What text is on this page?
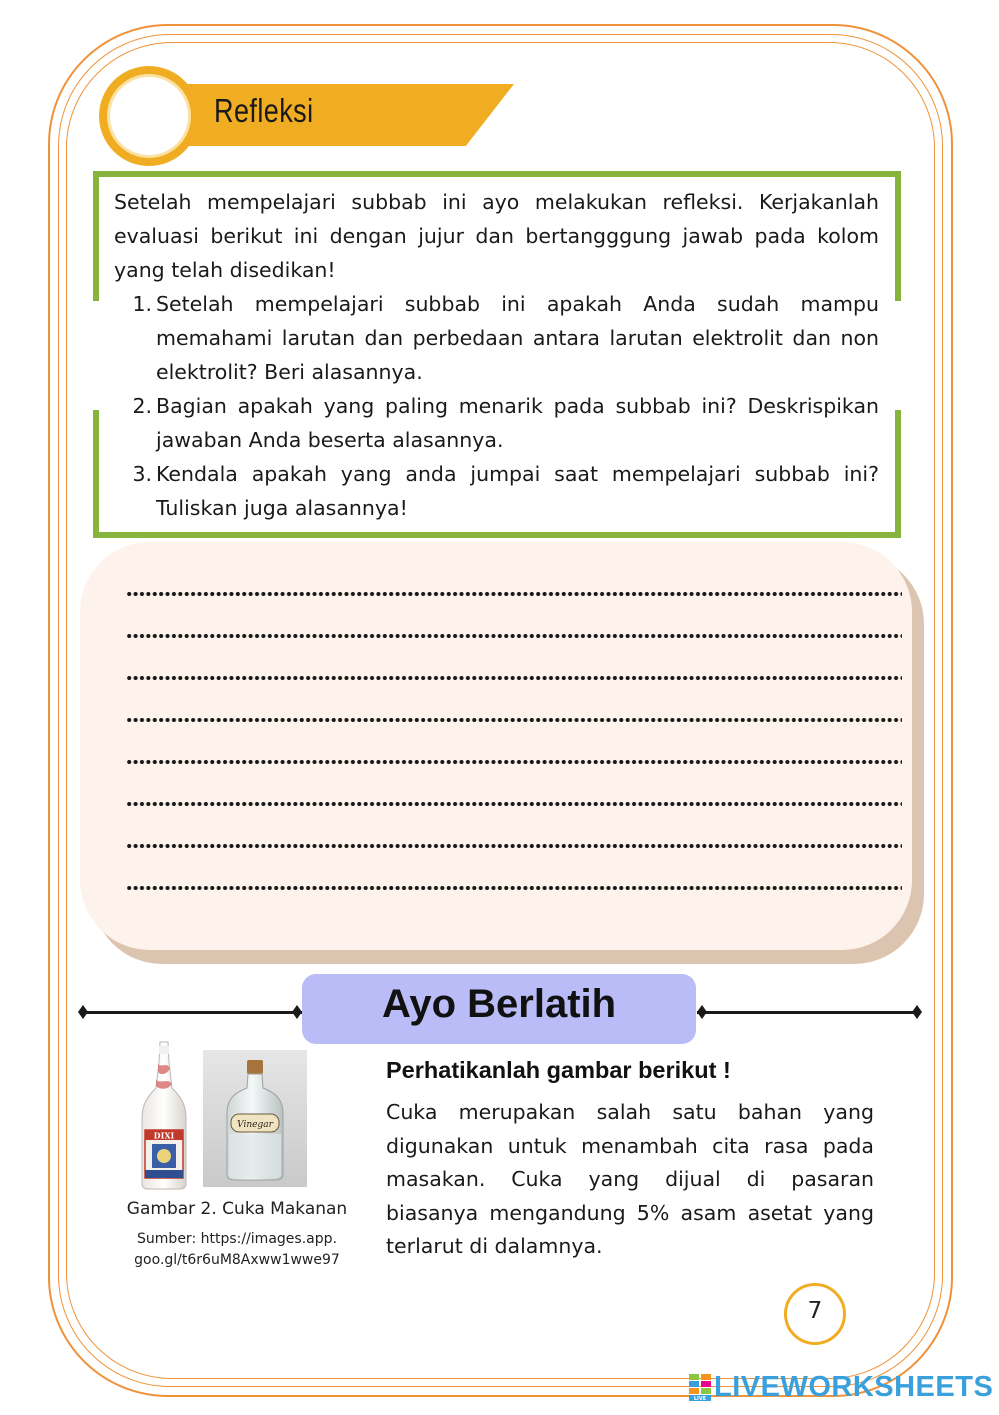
Refleksi

Setelah mempelajari subbab ini ayo melakukan refleksi. Kerjakanlah evaluasi berikut ini dengan jujur dan bertangggung jawab pada kolom yang telah disedikan!

1. Setelah mempelajari subbab ini apakah Anda sudah mampu memahami larutan dan perbedaan antara larutan elektrolit dan non elektrolit? Beri alasannya.
2. Bagian apakah yang paling menarik pada subbab ini? Deskrispikan jawaban Anda beserta alasannya.
3. Kendala apakah yang anda jumpai saat mempelajari subbab ini? Tuliskan juga alasannya!
Ayo Berlatih
DIXI
Vinegar
Gambar 2. Cuka Makanan
Sumber: https://images.app.
goo.gl/t6r6uM8Axww1wwe97
Perhatikanlah gambar berikut !
Cuka merupakan salah satu bahan yang digunakan untuk menambah cita rasa pada masakan. Cuka yang dijual di pasaran biasanya mengandung 5% asam asetat yang terlarut di dalamnya.
7
LIVE LIVEWORKSHEETS
